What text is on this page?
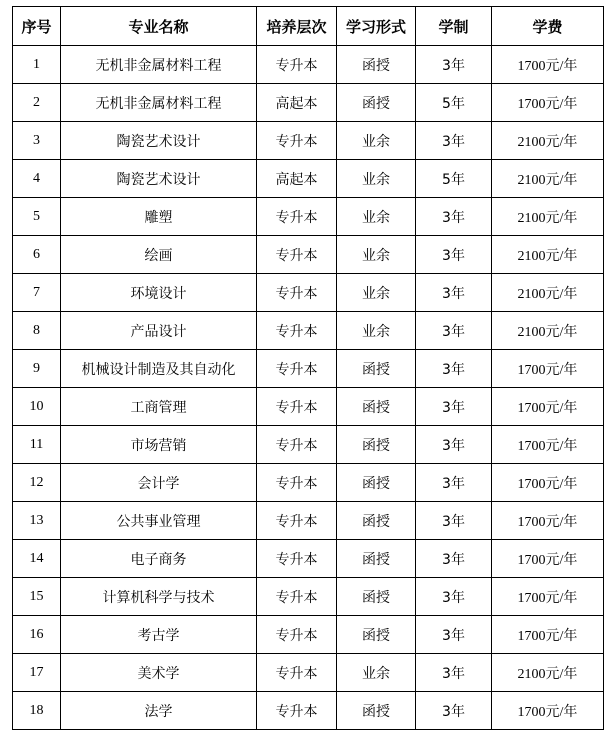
序号	专业名称	培养层次	学习形式	学制	学费
1	无机非金属材料工程	专升本	函授	3年	1700元/年
2	无机非金属材料工程	高起本	函授	5年	1700元/年
3	陶瓷艺术设计	专升本	业余	3年	2100元/年
4	陶瓷艺术设计	高起本	业余	5年	2100元/年
5	雕塑	专升本	业余	3年	2100元/年
6	绘画	专升本	业余	3年	2100元/年
7	环境设计	专升本	业余	3年	2100元/年
8	产品设计	专升本	业余	3年	2100元/年
9	机械设计制造及其自动化	专升本	函授	3年	1700元/年
10	工商管理	专升本	函授	3年	1700元/年
11	市场营销	专升本	函授	3年	1700元/年
12	会计学	专升本	函授	3年	1700元/年
13	公共事业管理	专升本	函授	3年	1700元/年
14	电子商务	专升本	函授	3年	1700元/年
15	计算机科学与技术	专升本	函授	3年	1700元/年
16	考古学	专升本	函授	3年	1700元/年
17	美术学	专升本	业余	3年	2100元/年
18	法学	专升本	函授	3年	1700元/年
